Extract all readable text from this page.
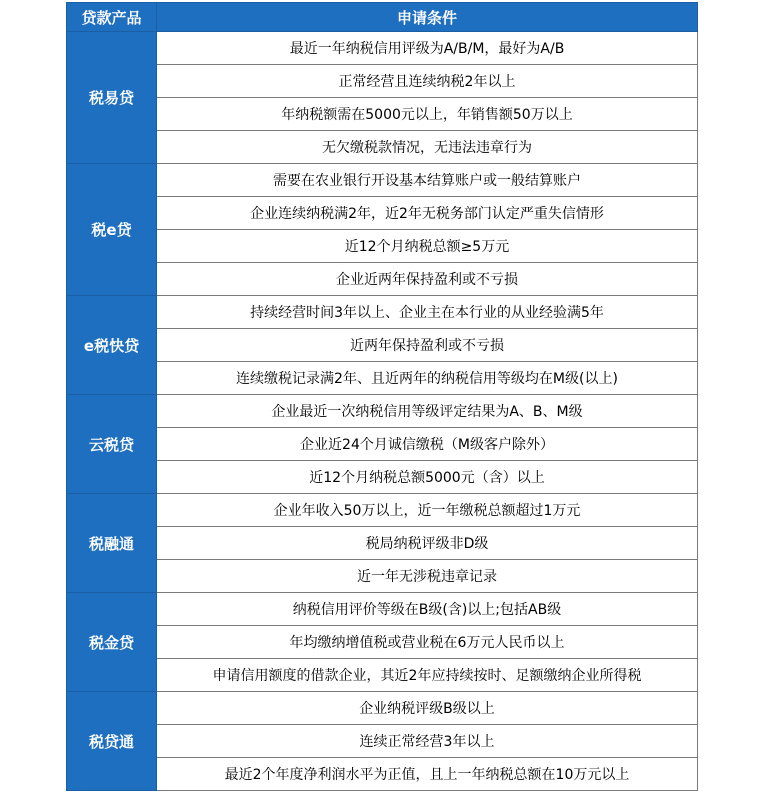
贷款产品	申请条件
税易贷	最近一年纳税信用评级为A/B/M，最好为A/B
	正常经营且连续纳税2年以上
	年纳税额需在5000元以上，年销售额50万以上
	无欠缴税款情况，无违法违章行为
税e贷	需要在农业银行开设基本结算账户或一般结算账户
	企业连续纳税满2年，近2年无税务部门认定严重失信情形
	近12个月纳税总额≥5万元
	企业近两年保持盈利或不亏损
e税快贷	持续经营时间3年以上、企业主在本行业的从业经验满5年
	近两年保持盈利或不亏损
	连续缴税记录满2年、且近两年的纳税信用等级均在M级(以上)
云税贷	企业最近一次纳税信用等级评定结果为A、B、M级
	企业近24个月诚信缴税（M级客户除外）
	近12个月纳税总额5000元（含）以上
税融通	企业年收入50万以上，近一年缴税总额超过1万元
	税局纳税评级非D级
	近一年无涉税违章记录
税金贷	纳税信用评价等级在B级(含)以上;包括AB级
	年均缴纳增值税或营业税在6万元人民币以上
	申请信用额度的借款企业，其近2年应持续按时、足额缴纳企业所得税
税贷通	企业纳税评级B级以上
	连续正常经营3年以上
	最近2个年度净利润水平为正值，且上一年纳税总额在10万元以上
